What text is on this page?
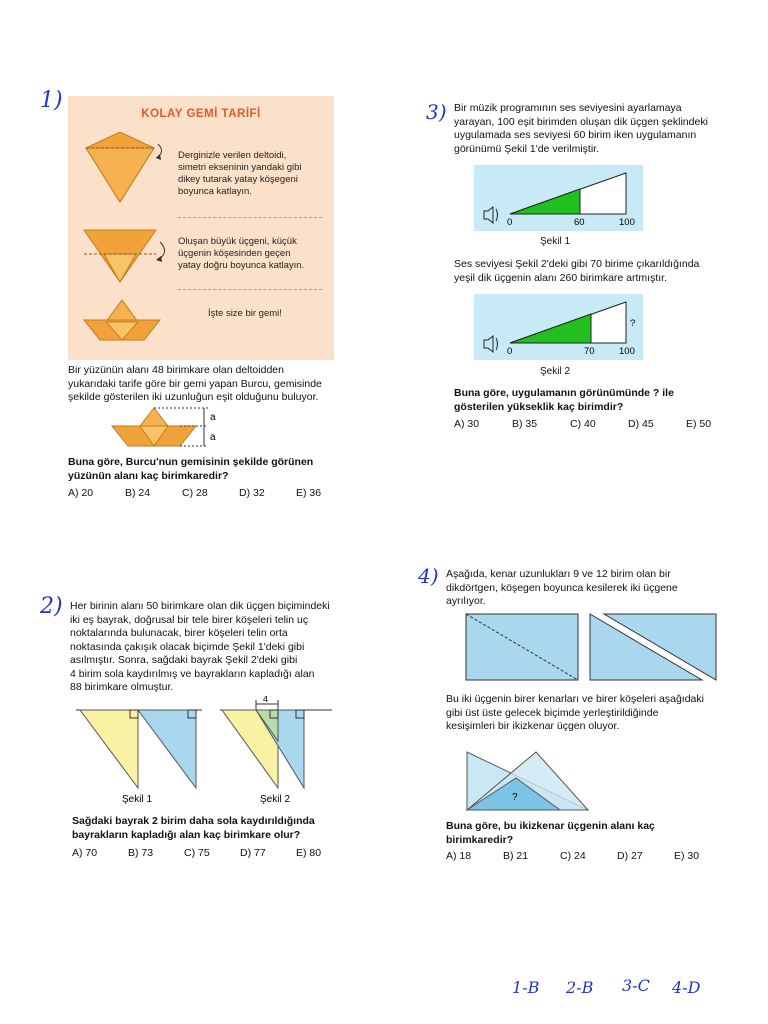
1)
KOLAY GEMİ TARİFİ
Derginizle verilen deltoidi,
simetri ekseninin yandaki gibi
dikey tutarak yatay köşegeni
boyunca katlayın.
Oluşan büyük üçgeni, küçük
üçgenin köşesinden geçen
yatay doğru boyunca katlayın.
İşte size bir gemi!
Bir yüzünün alanı 48 birimkare olan deltoidden
yukarıdaki tarife göre bir gemi yapan Burcu, gemisinde
şekilde gösterilen iki uzunluğun eşit olduğunu buluyor.
a
a
Buna göre, Burcu'nun gemisinin şekilde görünen
yüzünün alanı kaç birimkaredir?
A) 20	B) 24	C) 28	D) 32	E) 36
2) Her birinin alanı 50 birimkare olan dik üçgen biçimindeki
iki eş bayrak, doğrusal bir tele birer köşeleri telin uç
noktalarında bulunacak, birer köşeleri telin orta
noktasında çakışık olacak biçimde Şekil 1'deki gibi
asılmıştır. Sonra, sağdaki bayrak Şekil 2'deki gibi
4 birim sola kaydırılmış ve bayrakların kapladığı alan
88 birimkare olmuştur.
Şekil 1
4
Şekil 2
Sağdaki bayrak 2 birim daha sola kaydırıldığında
bayrakların kapladığı alan kaç birimkare olur?
A) 70	B) 73	C) 75	D) 77	E) 80
3) Bir müzik programının ses seviyesini ayarlamaya
yarayan, 100 eşit birimden oluşan dik üçgen şeklindeki
uygulamada ses seviyesi 60 birim iken uygulamanın
görünümü Şekil 1'de verilmiştir.
0	60	100
Şekil 1
Ses seviyesi Şekil 2'deki gibi 70 birime çıkarıldığında
yeşil dik üçgenin alanı 260 birimkare artmıştır.
?
0	70	100
Şekil 2
Buna göre, uygulamanın görünümünde ? ile
gösterilen yükseklik kaç birimdir?
A) 30	B) 35	C) 40	D) 45	E) 50
4) Aşağıda, kenar uzunlukları 9 ve 12 birim olan bir
dikdörtgen, köşegen boyunca kesilerek iki üçgene
ayrılıyor.
Bu iki üçgenin birer kenarları ve birer köşeleri aşağıdaki
gibi üst üste gelecek biçimde yerleştirildiğinde
kesişimleri bir ikizkenar üçgen oluyor.
?
Buna göre, bu ikizkenar üçgenin alanı kaç
birimkaredir?
A) 18	B) 21	C) 24	D) 27	E) 30
1-B	2-B	3-C	4-D
